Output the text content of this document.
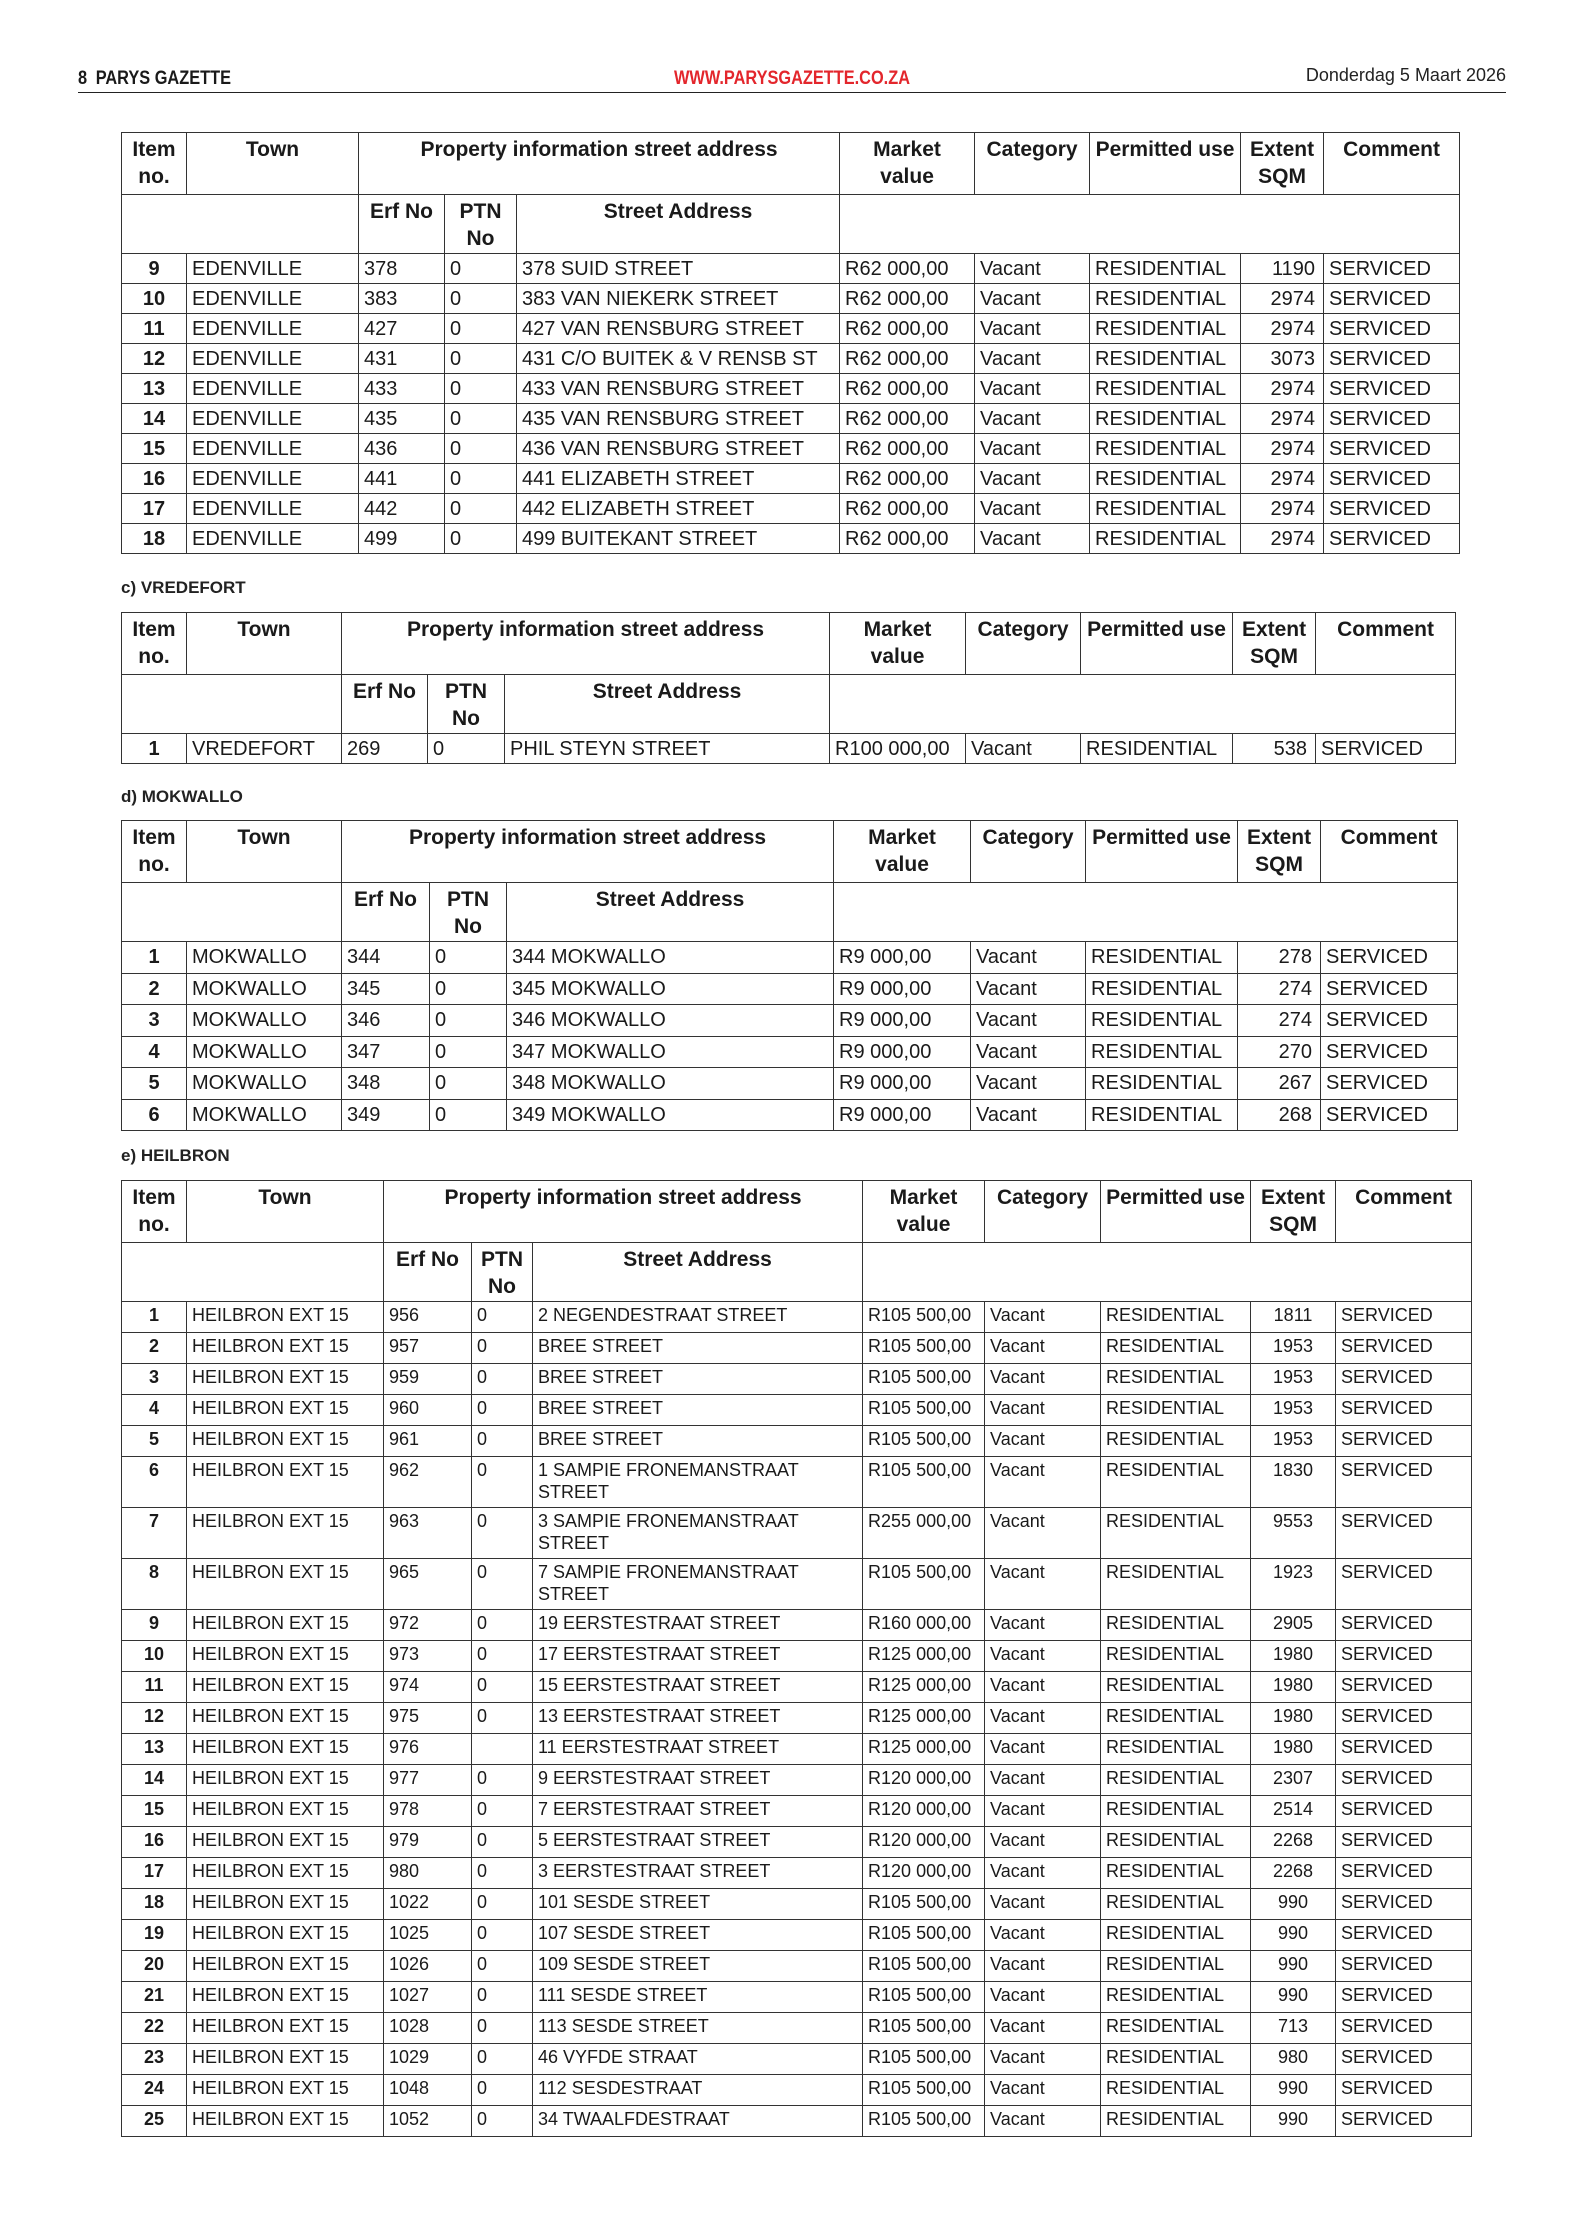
8 PARYS GAZETTE	WWW.PARYSGAZETTE.CO.ZA	Donderdag 5 Maart 2026
Item no.	Town	Property information street address			Market value	Category	Permitted use	Extent SQM	Comment
		Erf No	PTN No	Street Address					
9	EDENVILLE	378	0	378 SUID STREET	R62 000,00	Vacant	RESIDENTIAL	1190	SERVICED
10	EDENVILLE	383	0	383 VAN NIEKERK STREET	R62 000,00	Vacant	RESIDENTIAL	2974	SERVICED
11	EDENVILLE	427	0	427 VAN RENSBURG STREET	R62 000,00	Vacant	RESIDENTIAL	2974	SERVICED
12	EDENVILLE	431	0	431 C/O BUITEK & V RENSB ST	R62 000,00	Vacant	RESIDENTIAL	3073	SERVICED
13	EDENVILLE	433	0	433 VAN RENSBURG STREET	R62 000,00	Vacant	RESIDENTIAL	2974	SERVICED
14	EDENVILLE	435	0	435 VAN RENSBURG STREET	R62 000,00	Vacant	RESIDENTIAL	2974	SERVICED
15	EDENVILLE	436	0	436 VAN RENSBURG STREET	R62 000,00	Vacant	RESIDENTIAL	2974	SERVICED
16	EDENVILLE	441	0	441 ELIZABETH STREET	R62 000,00	Vacant	RESIDENTIAL	2974	SERVICED
17	EDENVILLE	442	0	442 ELIZABETH STREET	R62 000,00	Vacant	RESIDENTIAL	2974	SERVICED
18	EDENVILLE	499	0	499 BUITEKANT STREET	R62 000,00	Vacant	RESIDENTIAL	2974	SERVICED
c) VREDEFORT
Item no.	Town	Property information street address			Market value	Category	Permitted use	Extent SQM	Comment
		Erf No	PTN No	Street Address					
1	VREDEFORT	269	0	PHIL STEYN STREET	R100 000,00	Vacant	RESIDENTIAL	538	SERVICED
d) MOKWALLO
Item no.	Town	Property information street address			Market value	Category	Permitted use	Extent SQM	Comment
		Erf No	PTN No	Street Address					
1	MOKWALLO	344	0	344 MOKWALLO	R9 000,00	Vacant	RESIDENTIAL	278	SERVICED
2	MOKWALLO	345	0	345 MOKWALLO	R9 000,00	Vacant	RESIDENTIAL	274	SERVICED
3	MOKWALLO	346	0	346 MOKWALLO	R9 000,00	Vacant	RESIDENTIAL	274	SERVICED
4	MOKWALLO	347	0	347 MOKWALLO	R9 000,00	Vacant	RESIDENTIAL	270	SERVICED
5	MOKWALLO	348	0	348 MOKWALLO	R9 000,00	Vacant	RESIDENTIAL	267	SERVICED
6	MOKWALLO	349	0	349 MOKWALLO	R9 000,00	Vacant	RESIDENTIAL	268	SERVICED
e) HEILBRON
Item no.	Town	Property information street address			Market value	Category	Permitted use	Extent SQM	Comment
		Erf No	PTN No	Street Address					
1	HEILBRON EXT 15	956	0	2 NEGENDESTRAAT STREET	R105 500,00	Vacant	RESIDENTIAL	1811	SERVICED
2	HEILBRON EXT 15	957	0	BREE STREET	R105 500,00	Vacant	RESIDENTIAL	1953	SERVICED
3	HEILBRON EXT 15	959	0	BREE STREET	R105 500,00	Vacant	RESIDENTIAL	1953	SERVICED
4	HEILBRON EXT 15	960	0	BREE STREET	R105 500,00	Vacant	RESIDENTIAL	1953	SERVICED
5	HEILBRON EXT 15	961	0	BREE STREET	R105 500,00	Vacant	RESIDENTIAL	1953	SERVICED
6	HEILBRON EXT 15	962	0	1 SAMPIE FRONEMANSTRAAT STREET	R105 500,00	Vacant	RESIDENTIAL	1830	SERVICED
7	HEILBRON EXT 15	963	0	3 SAMPIE FRONEMANSTRAAT STREET	R255 000,00	Vacant	RESIDENTIAL	9553	SERVICED
8	HEILBRON EXT 15	965	0	7 SAMPIE FRONEMANSTRAAT STREET	R105 500,00	Vacant	RESIDENTIAL	1923	SERVICED
9	HEILBRON EXT 15	972	0	19 EERSTESTRAAT STREET	R160 000,00	Vacant	RESIDENTIAL	2905	SERVICED
10	HEILBRON EXT 15	973	0	17 EERSTESTRAAT STREET	R125 000,00	Vacant	RESIDENTIAL	1980	SERVICED
11	HEILBRON EXT 15	974	0	15 EERSTESTRAAT STREET	R125 000,00	Vacant	RESIDENTIAL	1980	SERVICED
12	HEILBRON EXT 15	975	0	13 EERSTESTRAAT STREET	R125 000,00	Vacant	RESIDENTIAL	1980	SERVICED
13	HEILBRON EXT 15	976		11 EERSTESTRAAT STREET	R125 000,00	Vacant	RESIDENTIAL	1980	SERVICED
14	HEILBRON EXT 15	977	0	9 EERSTESTRAAT STREET	R120 000,00	Vacant	RESIDENTIAL	2307	SERVICED
15	HEILBRON EXT 15	978	0	7 EERSTESTRAAT STREET	R120 000,00	Vacant	RESIDENTIAL	2514	SERVICED
16	HEILBRON EXT 15	979	0	5 EERSTESTRAAT STREET	R120 000,00	Vacant	RESIDENTIAL	2268	SERVICED
17	HEILBRON EXT 15	980	0	3 EERSTESTRAAT STREET	R120 000,00	Vacant	RESIDENTIAL	2268	SERVICED
18	HEILBRON EXT 15	1022	0	101 SESDE STREET	R105 500,00	Vacant	RESIDENTIAL	990	SERVICED
19	HEILBRON EXT 15	1025	0	107 SESDE STREET	R105 500,00	Vacant	RESIDENTIAL	990	SERVICED
20	HEILBRON EXT 15	1026	0	109 SESDE STREET	R105 500,00	Vacant	RESIDENTIAL	990	SERVICED
21	HEILBRON EXT 15	1027	0	111 SESDE STREET	R105 500,00	Vacant	RESIDENTIAL	990	SERVICED
22	HEILBRON EXT 15	1028	0	113 SESDE STREET	R105 500,00	Vacant	RESIDENTIAL	713	SERVICED
23	HEILBRON EXT 15	1029	0	46 VYFDE STRAAT	R105 500,00	Vacant	RESIDENTIAL	980	SERVICED
24	HEILBRON EXT 15	1048	0	112 SESDESTRAAT	R105 500,00	Vacant	RESIDENTIAL	990	SERVICED
25	HEILBRON EXT 15	1052	0	34 TWAALFDESTRAAT	R105 500,00	Vacant	RESIDENTIAL	990	SERVICED
